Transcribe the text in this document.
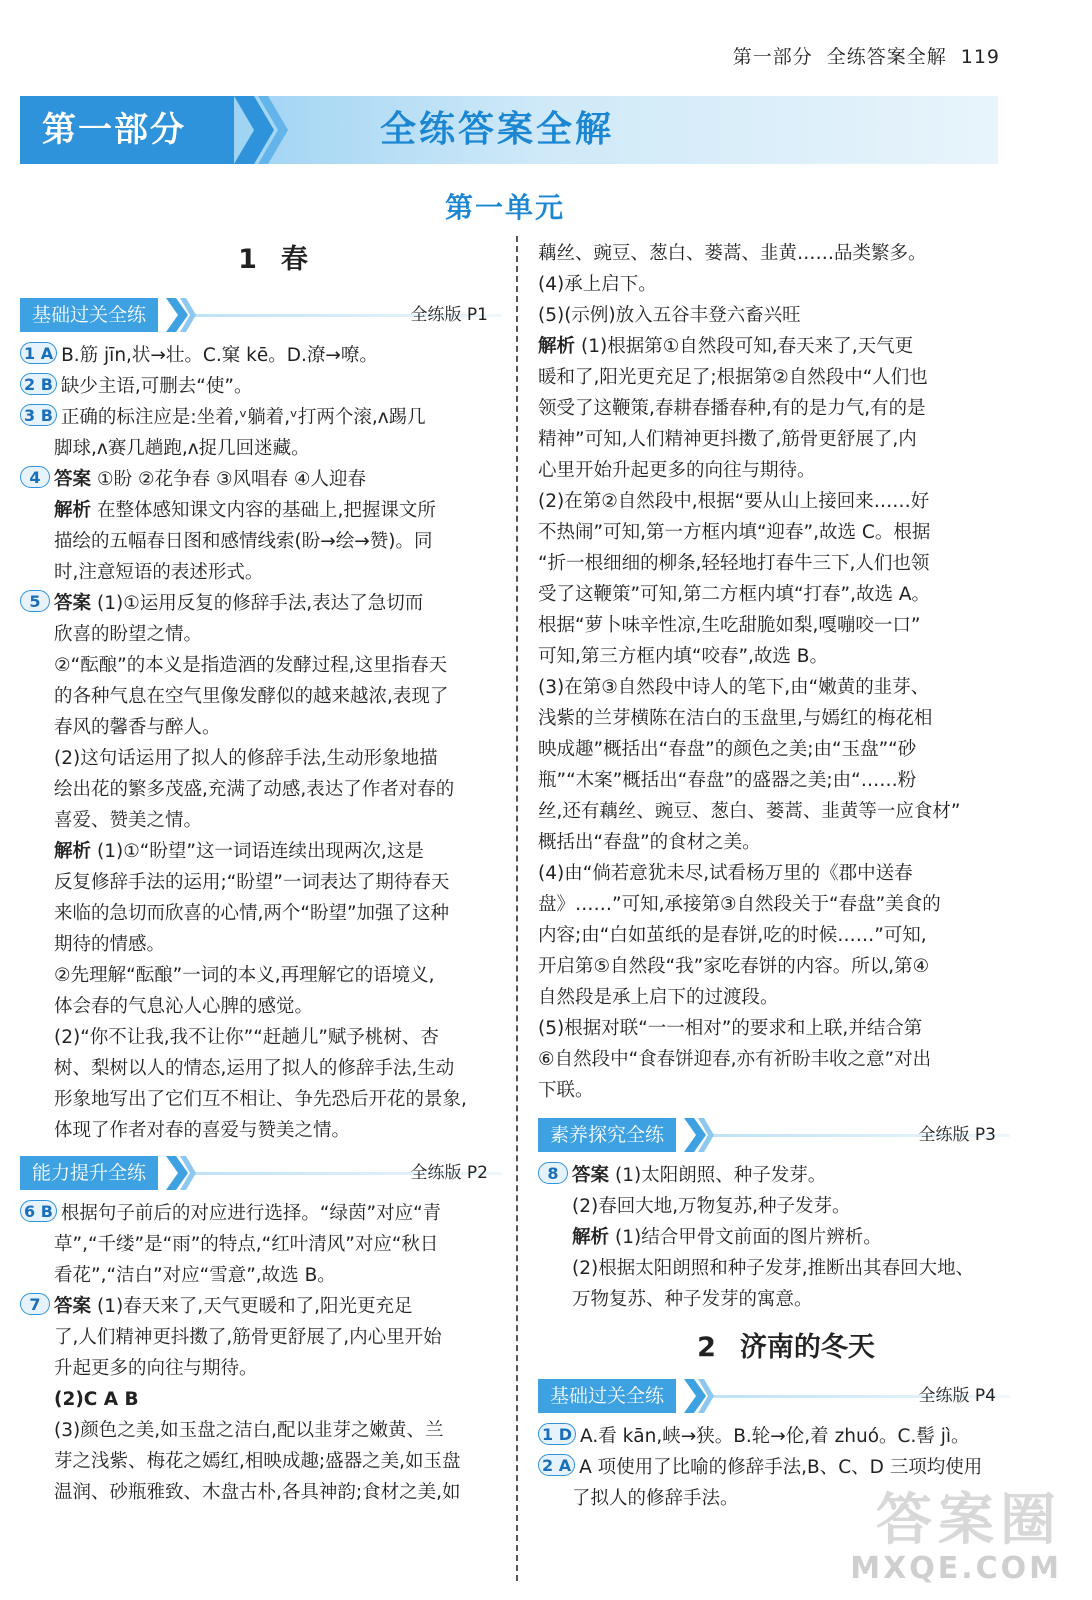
第一部分 全练答案全解 119
第一部分	全练答案全解
第一单元
1 春
基础过关全练	全练版 P1

1 A B.筋 jīn,状→壮。C.窠 kē。D.潦→嘹。

2 B 缺少主语,可删去“使”。

3 B 正确的标注应是:坐着,ᵛ躺着,ᵛ打两个滚,ᴧ踢几
脚球,ᴧ赛几趟跑,ᴧ捉几回迷藏。

4 答案 ①盼 ②花争春 ③风唱春 ④人迎春
解析 在整体感知课文内容的基础上,把握课文所
描绘的五幅春日图和感情线索(盼→绘→赞)。同
时,注意短语的表述形式。

5 答案 (1)①运用反复的修辞手法,表达了急切而
欣喜的盼望之情。
②“酝酿”的本义是指造酒的发酵过程,这里指春天
的各种气息在空气里像发酵似的越来越浓,表现了
春风的馨香与醉人。
(2)这句话运用了拟人的修辞手法,生动形象地描
绘出花的繁多茂盛,充满了动感,表达了作者对春的
喜爱、赞美之情。
解析 (1)①“盼望”这一词语连续出现两次,这是
反复修辞手法的运用;“盼望”一词表达了期待春天
来临的急切而欣喜的心情,两个“盼望”加强了这种
期待的情感。
②先理解“酝酿”一词的本义,再理解它的语境义,
体会春的气息沁人心脾的感觉。
(2)“你不让我,我不让你”“赶趟儿”赋予桃树、杏
树、梨树以人的情态,运用了拟人的修辞手法,生动
形象地写出了它们互不相让、争先恐后开花的景象,
体现了作者对春的喜爱与赞美之情。

能力提升全练	全练版 P2

6 B 根据句子前后的对应进行选择。“绿茵”对应“青
草”,“千缕”是“雨”的特点,“红叶清风”对应“秋日
看花”,“洁白”对应“雪意”,故选 B。

7 答案 (1)春天来了,天气更暖和了,阳光更充足
了,人们精神更抖擞了,筋骨更舒展了,内心里开始
升起更多的向往与期待。
(2)C A B
(3)颜色之美,如玉盘之洁白,配以韭芽之嫩黄、兰
芽之浅紫、梅花之嫣红,相映成趣;盛器之美,如玉盘
温润、砂瓶雅致、木盘古朴,各具神韵;食材之美,如

藕丝、豌豆、葱白、蒌蒿、韭黄……品类繁多。
(4)承上启下。
(5)(示例)放入五谷丰登六畜兴旺
解析 (1)根据第①自然段可知,春天来了,天气更
暖和了,阳光更充足了;根据第②自然段中“人们也
领受了这鞭策,春耕春播春种,有的是力气,有的是
精神”可知,人们精神更抖擞了,筋骨更舒展了,内
心里开始升起更多的向往与期待。
(2)在第②自然段中,根据“要从山上接回来……好
不热闹”可知,第一方框内填“迎春”,故选 C。根据
“折一根细细的柳条,轻轻地打春牛三下,人们也领
受了这鞭策”可知,第二方框内填“打春”,故选 A。
根据“萝卜味辛性凉,生吃甜脆如梨,嘎嘣咬一口”
可知,第三方框内填“咬春”,故选 B。
(3)在第③自然段中诗人的笔下,由“嫩黄的韭芽、
浅紫的兰芽横陈在洁白的玉盘里,与嫣红的梅花相
映成趣”概括出“春盘”的颜色之美;由“玉盘”“砂
瓶”“木案”概括出“春盘”的盛器之美;由“……粉
丝,还有藕丝、豌豆、葱白、蒌蒿、韭黄等一应食材”
概括出“春盘”的食材之美。
(4)由“倘若意犹未尽,试看杨万里的《郡中送春
盘》……”可知,承接第③自然段关于“春盘”美食的
内容;由“白如茧纸的是春饼,吃的时候……”可知,
开启第⑤自然段“我”家吃春饼的内容。所以,第④
自然段是承上启下的过渡段。
(5)根据对联“一一相对”的要求和上联,并结合第
⑥自然段中“食春饼迎春,亦有祈盼丰收之意”对出
下联。

素养探究全练	全练版 P3

8 答案 (1)太阳朗照、种子发芽。
(2)春回大地,万物复苏,种子发芽。
解析 (1)结合甲骨文前面的图片辨析。
(2)根据太阳朗照和种子发芽,推断出其春回大地、
万物复苏、种子发芽的寓意。

2 济南的冬天
基础过关全练	全练版 P4

1 D A.看 kān,峡→狭。B.轮→伦,着 zhuó。C.髻 jì。

2 A A 项使用了比喻的修辞手法,B、C、D 三项均使用
了拟人的修辞手法。	答案圈
MXQE.COM
